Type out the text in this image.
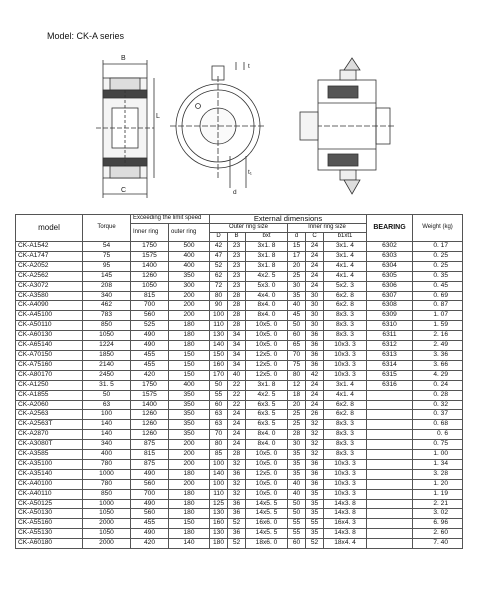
Model: CK-A series
B
C
L
t
t₁
d
model	Torque	Exceeding the limit speed		External dimensions						BEARING	Weight (kg)
		Inner ring	outer ring	Outer ring size			Inner ring size				
				D	B	bxt	d	C	b1xt1		
CK-A1542	54	1750	500	42	23	3x1. 8	15	24	3x1. 4	6302	0. 17
CK-A1747	75	1575	400	47	23	3x1. 8	17	24	3x1. 4	6303	0. 25
CK-A2052	95	1400	400	52	23	3x1. 8	20	24	4x1. 4	6304	0. 25
CK-A2562	145	1260	350	62	23	4x2. 5	25	24	4x1. 4	6305	0. 35
CK-A3072	208	1050	300	72	23	5x3. 0	30	24	5x2. 3	6306	0. 45
CK-A3580	340	815	200	80	28	4x4. 0	35	30	6x2. 8	6307	0. 69
CK-A4090	462	700	200	90	28	8x4. 0	40	30	6x2. 8	6308	0. 87
CK-A45100	783	560	200	100	28	8x4. 0	45	30	8x3. 3	6309	1. 07
CK-A50110	850	525	180	110	28	10x5. 0	50	30	8x3. 3	6310	1. 59
CK-A60130	1050	490	180	130	34	10x5. 0	60	36	8x3. 3	6311	2. 16
CK-A65140	1224	490	180	140	34	10x5. 0	65	36	10x3. 3	6312	2. 49
CK-A70150	1850	455	150	150	34	12x5. 0	70	36	10x3. 3	6313	3. 36
CK-A75160	2140	455	150	160	34	12x5. 0	75	36	10x3. 3	6314	3. 66
CK-A80170	2450	420	150	170	40	12x5. 0	80	42	10x3. 3	6315	4. 29
CK-A1250	31. 5	1750	400	50	22	3x1. 8	12	24	3x1. 4	6316	0. 24
CK-A1855	50	1575	350	55	22	4x2. 5	18	24	4x1. 4		0. 28
CK-A2060	63	1400	350	60	22	6x3. 5	20	24	6x2. 8		0. 32
CK-A2563	100	1260	350	63	24	6x3. 5	25	26	6x2. 8		0. 37
CK-A2563T	140	1260	350	63	24	6x3. 5	25	32	8x3. 3		0. 68
CK-A2870	140	1260	350	70	24	8x4. 0	28	32	8x3. 3		0. 6
CK-A3080T	340	875	200	80	24	8x4. 0	30	32	8x3. 3		0. 75
CK-A3585	400	815	200	85	28	10x5. 0	35	32	8x3. 3		1. 00
CK-A35100	780	875	200	100	32	10x5. 0	35	36	10x3. 3		1. 34
CK-A35140	1000	490	180	140	36	12x5. 0	35	36	10x3. 3		3. 28
CK-A40100	780	560	200	100	32	10x5. 0	40	36	10x3. 3		1. 20
CK-A40110	850	700	180	110	32	10x5. 0	40	35	10x3. 3		1. 19
CK-A50125	1000	490	180	125	36	14x5. 5	50	35	14x3. 8		2. 21
CK-A50130	1050	560	180	130	36	14x5. 5	50	35	14x3. 8		3. 02
CK-A55160	2000	455	150	160	52	16x6. 0	55	55	16x4. 3		6. 96
CK-A55130	1050	490	180	130	36	14x5. 5	55	35	14x3. 8		2. 60
CK-A60180	2000	420	140	180	52	18x6. 0	60	52	18x4. 4		7. 40
